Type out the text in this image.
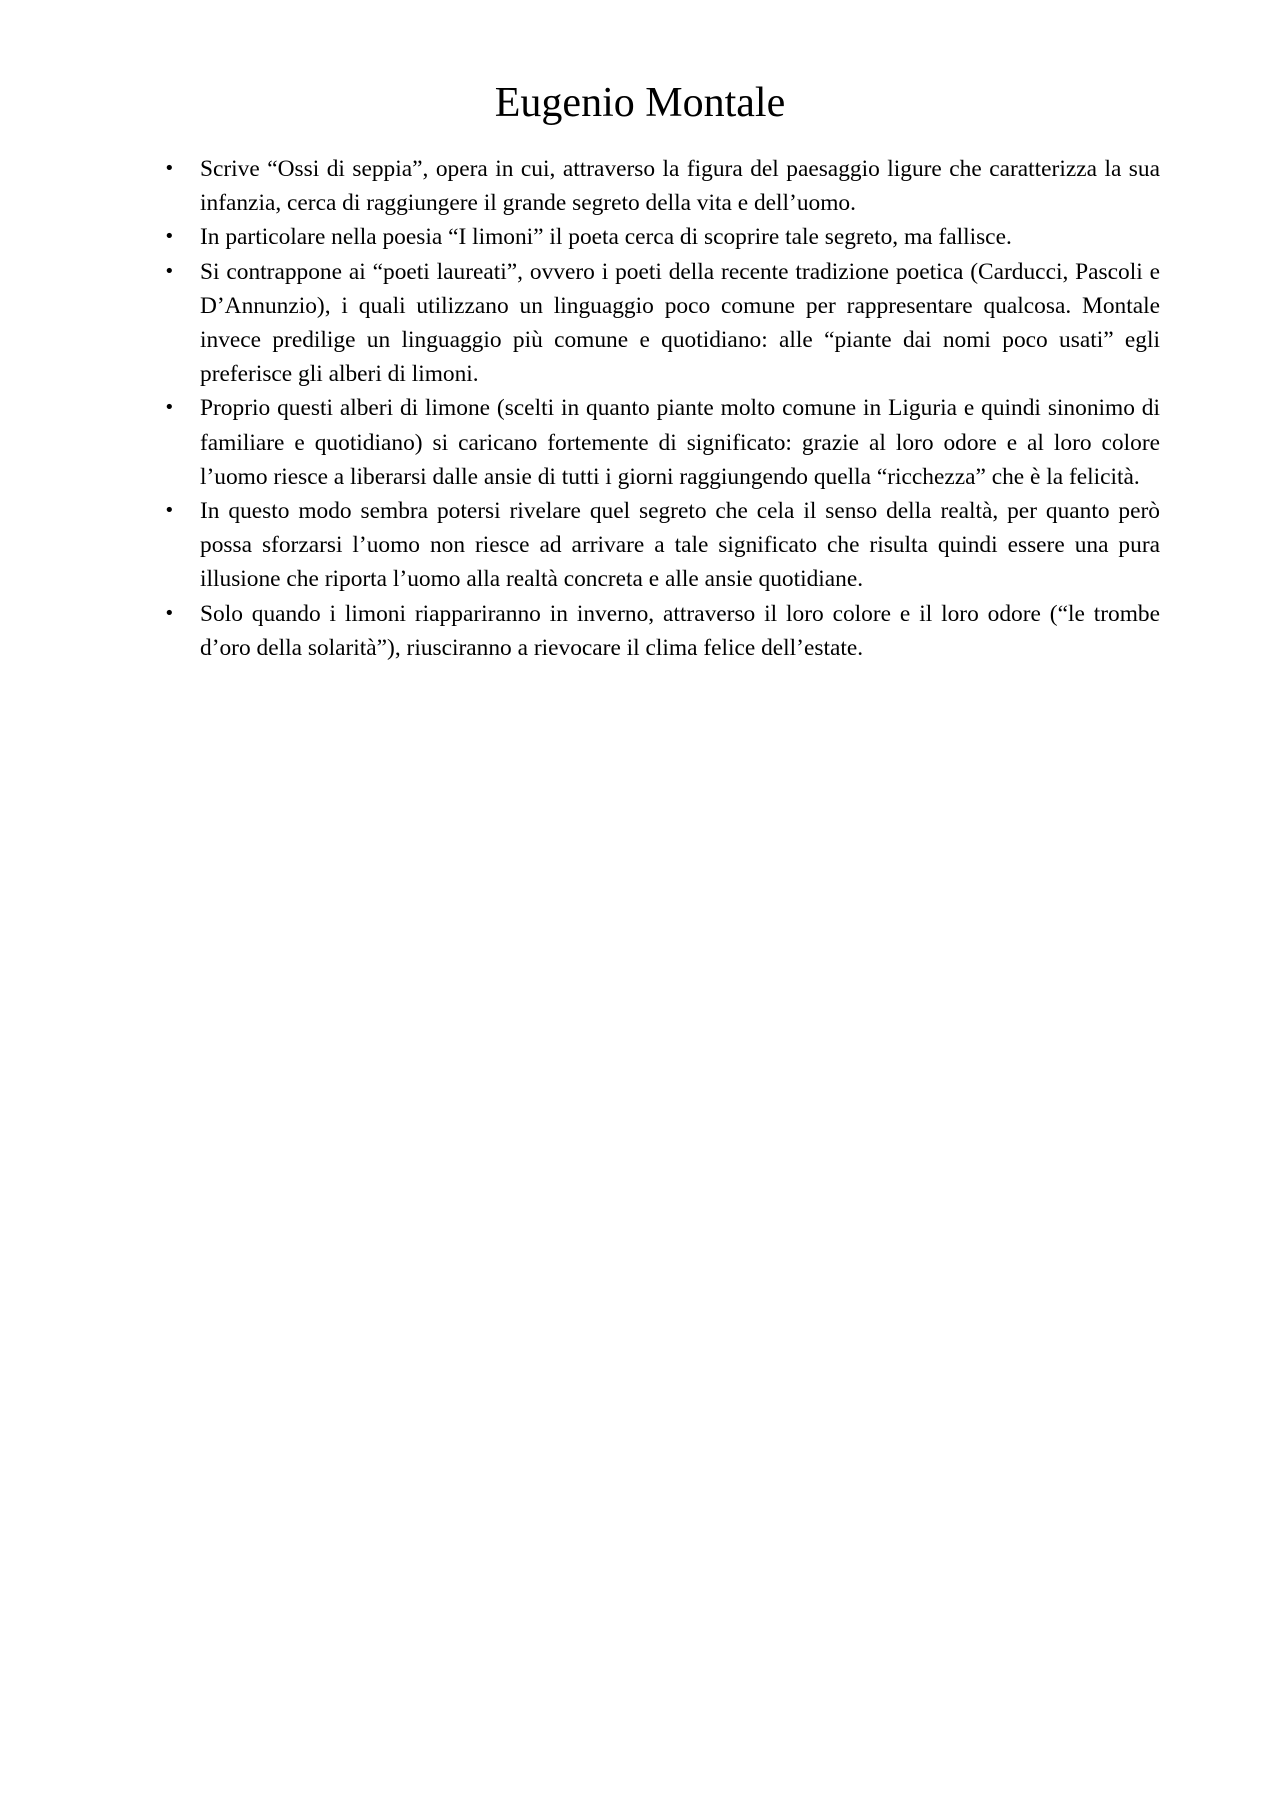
Eugenio Montale
• Scrive “Ossi di seppia”, opera in cui, attraverso la figura del paesaggio ligure che caratterizza la sua infanzia, cerca di raggiungere il grande segreto della vita e dell’uomo.
• In particolare nella poesia “I limoni” il poeta cerca di scoprire tale segreto, ma fallisce.
• Si contrappone ai “poeti laureati”, ovvero i poeti della recente tradizione poetica (Carducci, Pascoli e D’Annunzio), i quali utilizzano un linguaggio poco comune per rappresentare qualcosa. Montale invece predilige un linguaggio più comune e quotidiano: alle “piante dai nomi poco usati” egli preferisce gli alberi di limoni.
• Proprio questi alberi di limone (scelti in quanto piante molto comune in Liguria e quindi sinonimo di familiare e quotidiano) si caricano fortemente di significato: grazie al loro odore e al loro colore l’uomo riesce a liberarsi dalle ansie di tutti i giorni raggiungendo quella “ricchezza” che è la felicità.
• In questo modo sembra potersi rivelare quel segreto che cela il senso della realtà, per quanto però possa sforzarsi l’uomo non riesce ad arrivare a tale significato che risulta quindi essere una pura illusione che riporta l’uomo alla realtà concreta e alle ansie quotidiane.
• Solo quando i limoni riappariranno in inverno, attraverso il loro colore e il loro odore (“le trombe d’oro della solarità”), riusciranno a rievocare il clima felice dell’estate.
